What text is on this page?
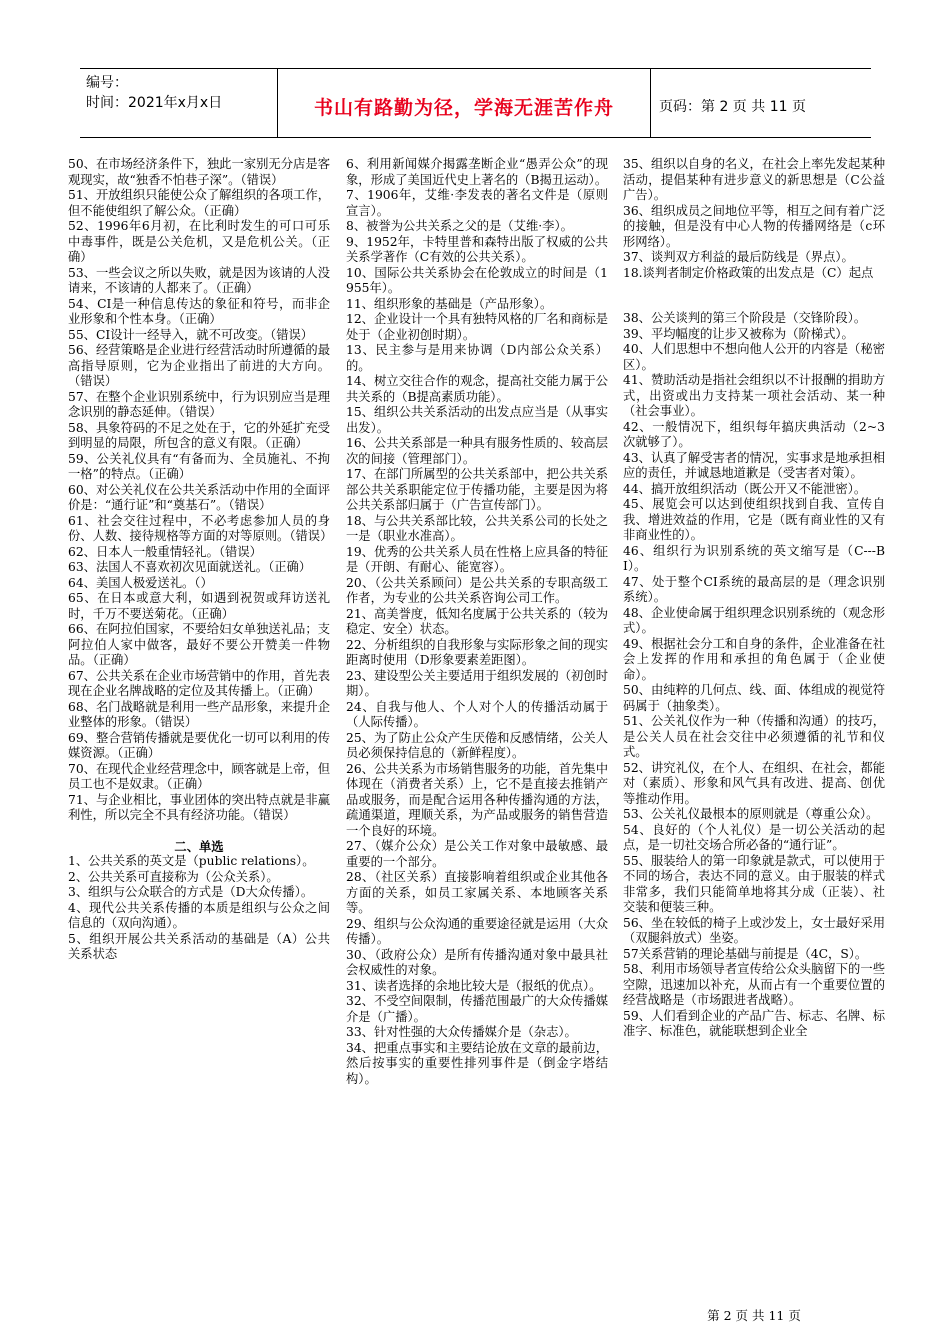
编号：
时间：2021年x月x日	书山有路勤为径，学海无涯苦作舟	页码：第 2 页 共 11 页

50、在市场经济条件下，独此一家别无分店是客观现实，故“独香不怕巷子深”。（错误）

51、开放组织只能使公众了解组织的各项工作，但不能使组织了解公众。（正确）

52、1996年6月初，在比利时发生的可口可乐中毒事件，既是公关危机，又是危机公关。（正确）

53、一些会议之所以失败，就是因为该请的人没请来，不该请的人都来了。（正确）

54、CI是一种信息传达的象征和符号，而非企业形象和个性本身。（正确）

55、CI设计一经导入，就不可改变。（错误）

56、经营策略是企业进行经营活动时所遵循的最高指导原则，它为企业指出了前进的大方向。（错误）

57、在整个企业识别系统中，行为识别应当是理念识别的静态延伸。（错误）

58、具象符码的不足之处在于，它的外延扩充受到明显的局限，所包含的意义有限。（正确）

59、公关礼仪具有“有备而为、全员施礼、不拘一格”的特点。（正确）

60、对公关礼仪在公共关系活动中作用的全面评价是：“通行证”和“奠基石”。（错误）

61、社会交往过程中，不必考虑参加人员的身份、人数、接待规格等方面的对等原则。（错误）

62、日本人一般重情轻礼。（错误）

63、法国人不喜欢初次见面就送礼。（正确）

64、美国人极爱送礼。（）

65、在日本或意大利，如遇到祝贺或拜访送礼时，千万不要送菊花。（正确）

66、在阿拉伯国家，不要给妇女单独送礼品；支阿拉伯人家中做客，最好不要公开赞美一件物品。（正确）

67、公共关系在企业市场营销中的作用，首先表现在企业名牌战略的定位及其传播上。（正确）

68、名门战略就是利用一些产品形象，来提升企业整体的形象。（错误）

69、整合营销传播就是要优化一切可以利用的传媒资源。（正确）

70、在现代企业经营理念中，顾客就是上帝，但员工也不是奴隶。（正确）

71、与企业相比，事业团体的突出特点就是非赢利性，所以完全不具有经济功能。（错误）

二、单选

1、公共关系的英文是（public relations）。

2、公共关系可直接称为（公众关系）。

3、组织与公众联合的方式是（D大众传播）。

4、现代公共关系传播的本质是组织与公众之间信息的（双向沟通）。

5、组织开展公共关系活动的基础是（A）公共关系状态

6、利用新闻媒介揭露垄断企业“愚弄公众”的现象，形成了美国近代史上著名的（B揭丑运动）。

7、1906年，艾维·李发表的著名文件是（原则宣言）。

8、被誉为公共关系之父的是（艾维·李）。

9、1952年，卡特里普和森特出版了权威的公共关系学著作（C有效的公共关系）。

10、国际公共关系协会在伦敦成立的时间是（1955年）。

11、组织形象的基础是（产品形象）。

12、企业设计一个具有独特风格的厂名和商标是处于（企业初创时期）。

13、民主参与是用来协调（D内部公众关系）的。

14、树立交往合作的观念，提高社交能力属于公共关系的（B提高素质功能）。

15、组织公共关系活动的出发点应当是（从事实出发）。

16、公共关系部是一种具有服务性质的、较高层次的间接（管理部门）。

17、在部门所属型的公共关系部中，把公共关系部公共关系职能定位于传播功能，主要是因为将公共关系部归属于（广告宣传部门）。

18、与公共关系部比较，公共关系公司的长处之一是（职业水准高）。

19、优秀的公共关系人员在性格上应具备的特征是（开朗、有耐心、能宽容）。

20、（公共关系顾问）是公共关系的专职高级工作者，为专业的公共关系咨询公司工作。

21、高美誉度，低知名度属于公共关系的（较为稳定、安全）状态。

22、分析组织的自我形象与实际形象之间的现实距离时使用（D形象要素差距图）。

23、建设型公关主要适用于组织发展的（初创时期）。

24、自我与他人、个人对个人的传播活动属于（人际传播）。

25、为了防止公众产生厌倦和反感情绪，公关人员必须保持信息的（新鲜程度）。

26、公共关系为市场销售服务的功能，首先集中体现在（消费者关系）上，它不是直接去推销产品或服务，而是配合运用各种传播沟通的方法，疏通渠道，理顺关系，为产品或服务的销售营造一个良好的环境。

27、（媒介公众）是公关工作对象中最敏感、最重要的一个部分。

28、（社区关系）直接影响着组织或企业其他各方面的关系，如员工家属关系、本地顾客关系等。

29、组织与公众沟通的重要途径就是运用（大众传播）。

30、（政府公众）是所有传播沟通对象中最具社会权威性的对象。

31、读者选择的余地比较大是（报纸的优点）。

32、不受空间限制，传播范围最广的大众传播媒介是（广播）。

33、针对性强的大众传播媒介是（杂志）。

34、把重点事实和主要结论放在文章的最前边，然后按事实的重要性排列事件是（倒金字塔结构）。

35、组织以自身的名义，在社会上率先发起某种活动，提倡某种有进步意义的新思想是（C公益广告）。

36、组织成员之间地位平等，相互之间有着广泛的接触，但是没有中心人物的传播网络是（c环形网络）。

37、谈判双方利益的最后防线是（界点）。

18.谈判者制定价格政策的出发点是（C）起点

38、公关谈判的第三个阶段是（交锋阶段）。

39、平均幅度的让步又被称为（阶梯式）。

40、人们思想中不想向他人公开的内容是（秘密区）。

41、赞助活动是指社会组织以不计报酬的捐助方式，出资或出力支持某一项社会活动、某一种（社会事业）。

42、一般情况下，组织每年搞庆典活动（2~3次就够了）。

43、认真了解受害者的情况，实事求是地承担相应的责任，并诚恳地道歉是（受害者对策）。

44、搞开放组织活动（既公开又不能泄密）。

45、展览会可以达到使组织找到自我、宣传自我、增进效益的作用，它是（既有商业性的又有非商业性的）。

46、组织行为识别系统的英文缩写是（C---BI）。

47、处于整个CI系统的最高层的是（理念识别系统）。

48、企业使命属于组织理念识别系统的（观念形式）。

49、根据社会分工和自身的条件，企业准备在社会上发挥的作用和承担的角色属于（企业使命）。

50、由纯粹的几何点、线、面、体组成的视觉符码属于（抽象类）。

51、公关礼仪作为一种（传播和沟通）的技巧，是公关人员在社会交往中必须遵循的礼节和仪式。

52、讲究礼仪，在个人、在组织、在社会，都能对（素质）、形象和风气具有改进、提高、创优等推动作用。

53、公关礼仪最根本的原则就是（尊重公众）。

54、良好的（个人礼仪）是一切公关活动的起点，是一切社交场合所必备的“通行证”。

55、服装给人的第一印象就是款式，可以使用于不同的场合，表达不同的意义。由于服装的样式非常多，我们只能简单地将其分成（正装）、社交装和便装三种。

56、坐在较低的椅子上或沙发上，女士最好采用（双腿斜放式）坐姿。

57关系营销的理论基础与前提是（4C，S）。

58、利用市场领导者宣传给公众头脑留下的一些空隙，迅速加以补充，从而占有一个重要位置的经营战略是（市场跟进者战略）。

59、人们看到企业的产品广告、标志、名牌、标准字、标准色，就能联想到企业全

第 2 页 共 11 页
